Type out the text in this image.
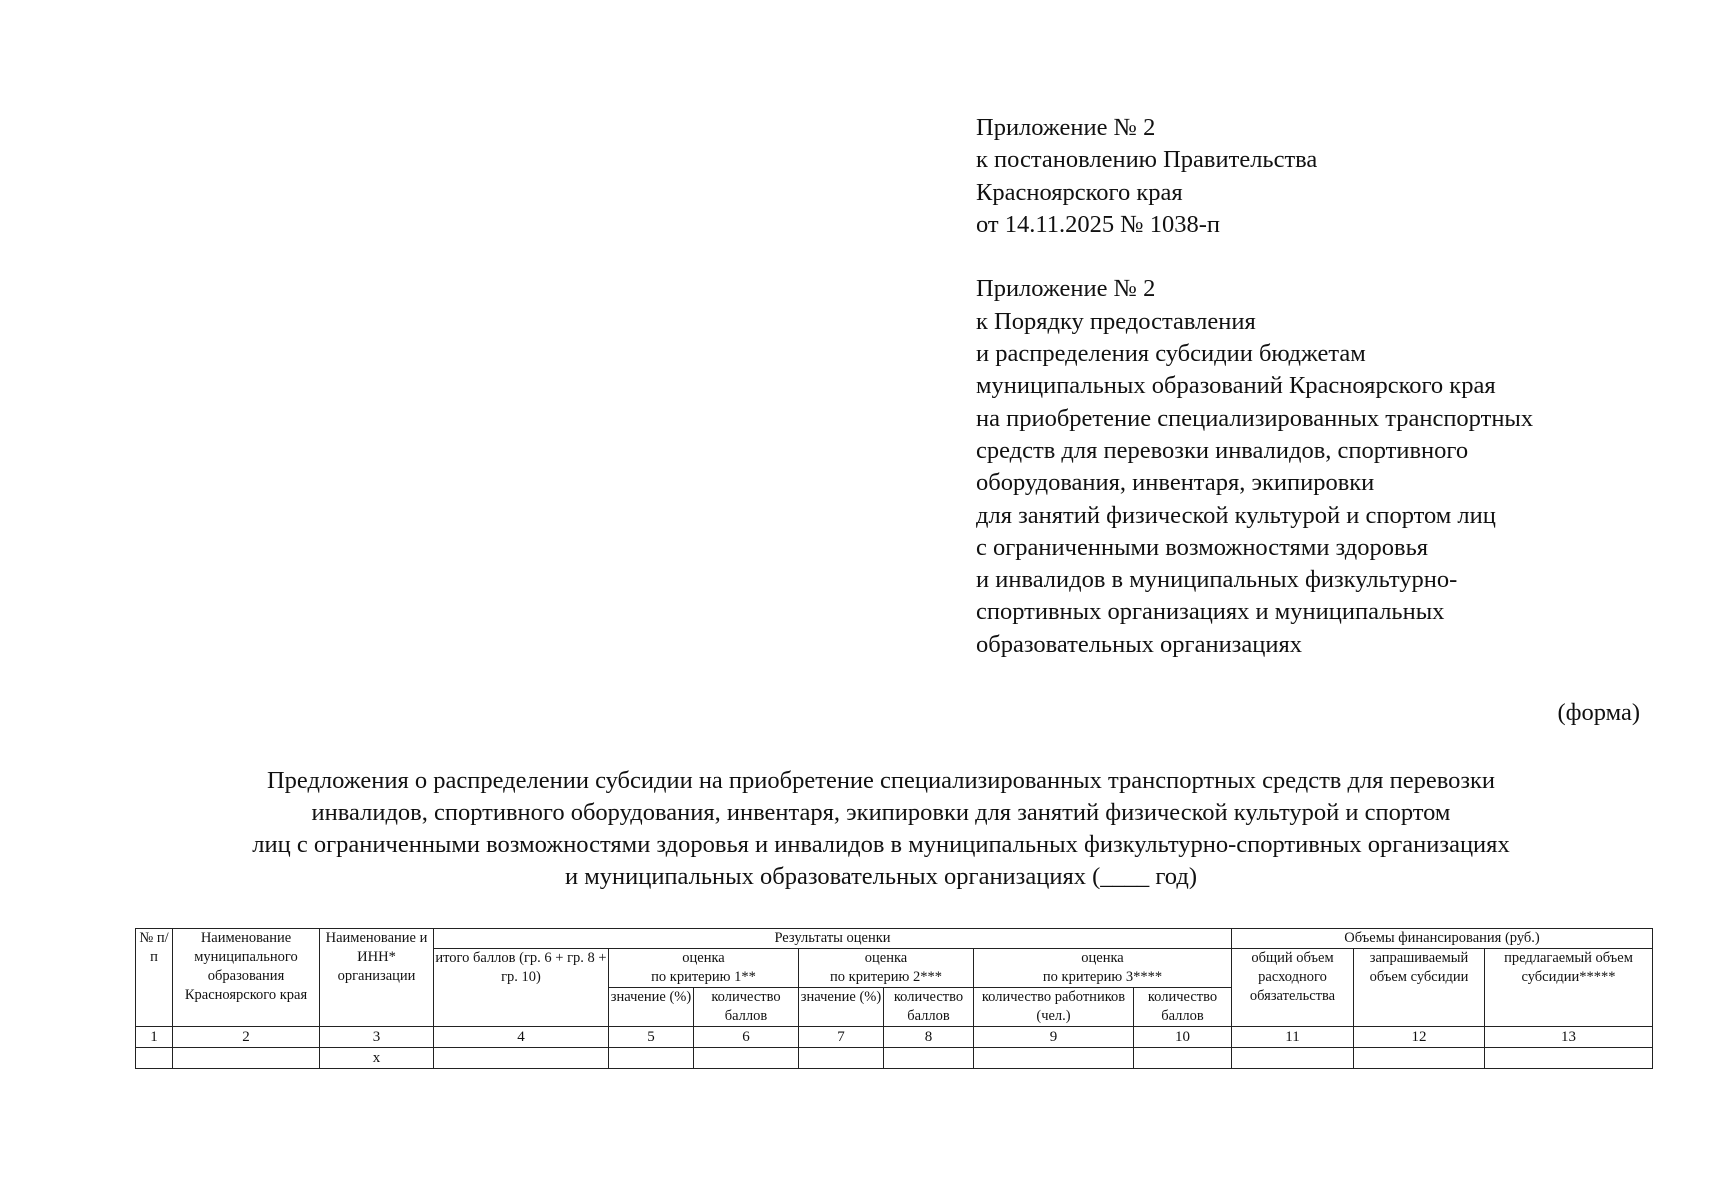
Приложение № 2
к постановлению Правительства
Красноярского края
от 14.11.2025 № 1038-п
Приложение № 2
к Порядку предоставления
и распределения субсидии бюджетам
муниципальных образований Красноярского края
на приобретение специализированных транспортных
средств для перевозки инвалидов, спортивного
оборудования, инвентаря, экипировки
для занятий физической культурой и спортом лиц
с ограниченными возможностями здоровья
и инвалидов в муниципальных физкультурно-
спортивных организациях и муниципальных
образовательных организациях
(форма)
Предложения о распределении субсидии на приобретение специализированных транспортных средств для перевозки
инвалидов, спортивного оборудования, инвентаря, экипировки для занятий физической культурой и спортом
лиц с ограниченными возможностями здоровья и инвалидов в муниципальных физкультурно-спортивных организациях
и муниципальных образовательных организациях (____ год)
№ п/п	Наименование муниципального образования Красноярского края	Наименование и ИНН* организации	Результаты оценки							Объемы финансирования (руб.)		
			итого баллов (гр. 6 + гр. 8 + гр. 10)	оценка		оценка		оценка		общий объем расходного обязательства	запрашиваемый объем субсидии	предлагаемый объем субсидии*****
				по критерию 1**		по критерию 2***		по критерию 3****				
				значение (%)	количество баллов	значение (%)	количество баллов	количество работников (чел.)	количество баллов			
1	2	3	4	5	6	7	8	9	10	11	12	13
		х										
